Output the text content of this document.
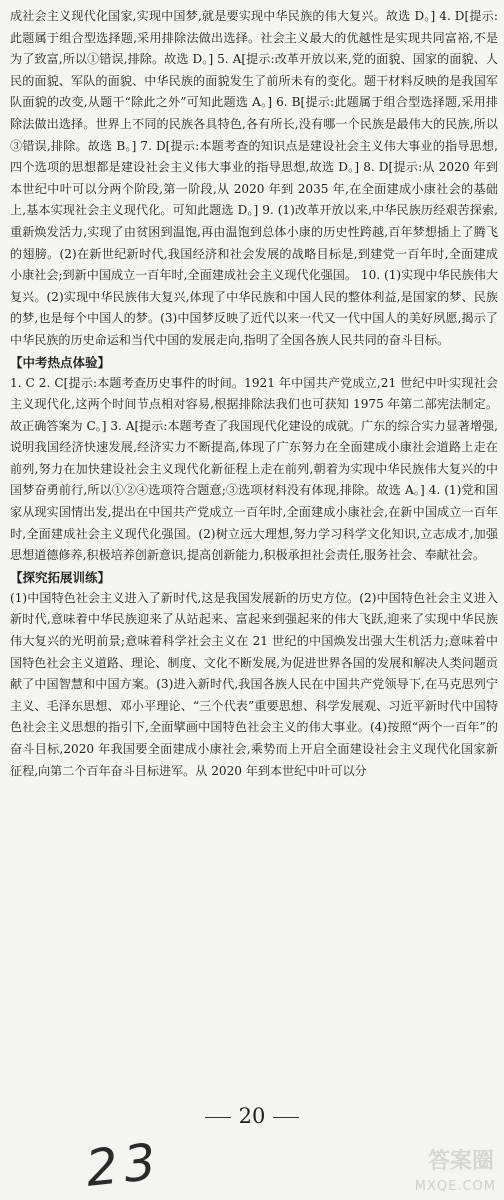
成社会主义现代化国家,实现中国梦,就是要实现中华民族的伟大复兴。故选 D。] 4. D[提示:此题属于组合型选择题,采用排除法做出选择。社会主义最大的优越性是实现共同富裕,不是为了致富,所以①错误,排除。故选 D。] 5. A[提示:改革开放以来,党的面貌、国家的面貌、人民的面貌、军队的面貌、中华民族的面貌发生了前所未有的变化。题干材料反映的是我国军队面貌的改变,从题干“除此之外”可知此题选 A。] 6. B[提示:此题属于组合型选择题,采用排除法做出选择。世界上不同的民族各具特色,各有所长,没有哪一个民族是最伟大的民族,所以③错误,排除。故选 B。] 7. D[提示:本题考查的知识点是建设社会主义伟大事业的指导思想,四个选项的思想都是建设社会主义伟大事业的指导思想,故选 D。] 8. D[提示:从 2020 年到本世纪中叶可以分两个阶段,第一阶段,从 2020 年到 2035 年,在全面建成小康社会的基础上,基本实现社会主义现代化。可知此题选 D。] 9. (1)改革开放以来,中华民族历经艰苦探索,重新焕发活力,实现了由贫困到温饱,再由温饱到总体小康的历史性跨越,百年梦想插上了腾飞的翅膀。(2)在新世纪新时代,我国经济和社会发展的战略目标是,到建党一百年时,全面建成小康社会;到新中国成立一百年时,全面建成社会主义现代化强国。 10. (1)实现中华民族伟大复兴。(2)实现中华民族伟大复兴,体现了中华民族和中国人民的整体利益,是国家的梦、民族的梦,也是每个中国人的梦。(3)中国梦反映了近代以来一代又一代中国人的美好夙愿,揭示了中华民族的历史命运和当代中国的发展走向,指明了全国各族人民共同的奋斗目标。

【中考热点体验】

1. C 2. C[提示:本题考查历史事件的时间。1921 年中国共产党成立,21 世纪中叶实现社会主义现代化,这两个时间节点相对容易,根据排除法我们也可获知 1975 年第二部宪法制定。故正确答案为 C。] 3. A[提示:本题考查了我国现代化建设的成就。广东的综合实力显著增强,说明我国经济快速发展,经济实力不断提高,体现了广东努力在全面建成小康社会道路上走在前列,努力在加快建设社会主义现代化新征程上走在前列,朝着为实现中华民族伟大复兴的中国梦奋勇前行,所以①②④选项符合题意;③选项材料没有体现,排除。故选 A。] 4. (1)党和国家从现实国情出发,提出在中国共产党成立一百年时,全面建成小康社会,在新中国成立一百年时,全面建成社会主义现代化强国。(2)树立远大理想,努力学习科学文化知识,立志成才,加强思想道德修养,积极培养创新意识,提高创新能力,积极承担社会责任,服务社会、奉献社会。

【探究拓展训练】

(1)中国特色社会主义进入了新时代,这是我国发展新的历史方位。(2)中国特色社会主义进入新时代,意味着中华民族迎来了从站起来、富起来到强起来的伟大飞跃,迎来了实现中华民族伟大复兴的光明前景;意味着科学社会主义在 21 世纪的中国焕发出强大生机活力;意味着中国特色社会主义道路、理论、制度、文化不断发展,为促进世界各国的发展和解决人类问题贡献了中国智慧和中国方案。(3)进入新时代,我国各族人民在中国共产党领导下,在马克思列宁主义、毛泽东思想、邓小平理论、“三个代表”重要思想、科学发展观、习近平新时代中国特色社会主义思想的指引下,全面擘画中国特色社会主义的伟大事业。(4)按照“两个一百年”的奋斗目标,2020 年我国要全面建成小康社会,乘势而上开启全面建设社会主义现代化国家新征程,向第二个百年奋斗目标进军。从 2020 年到本世纪中叶可以分

20
23	答案圈
MXQE.COM
